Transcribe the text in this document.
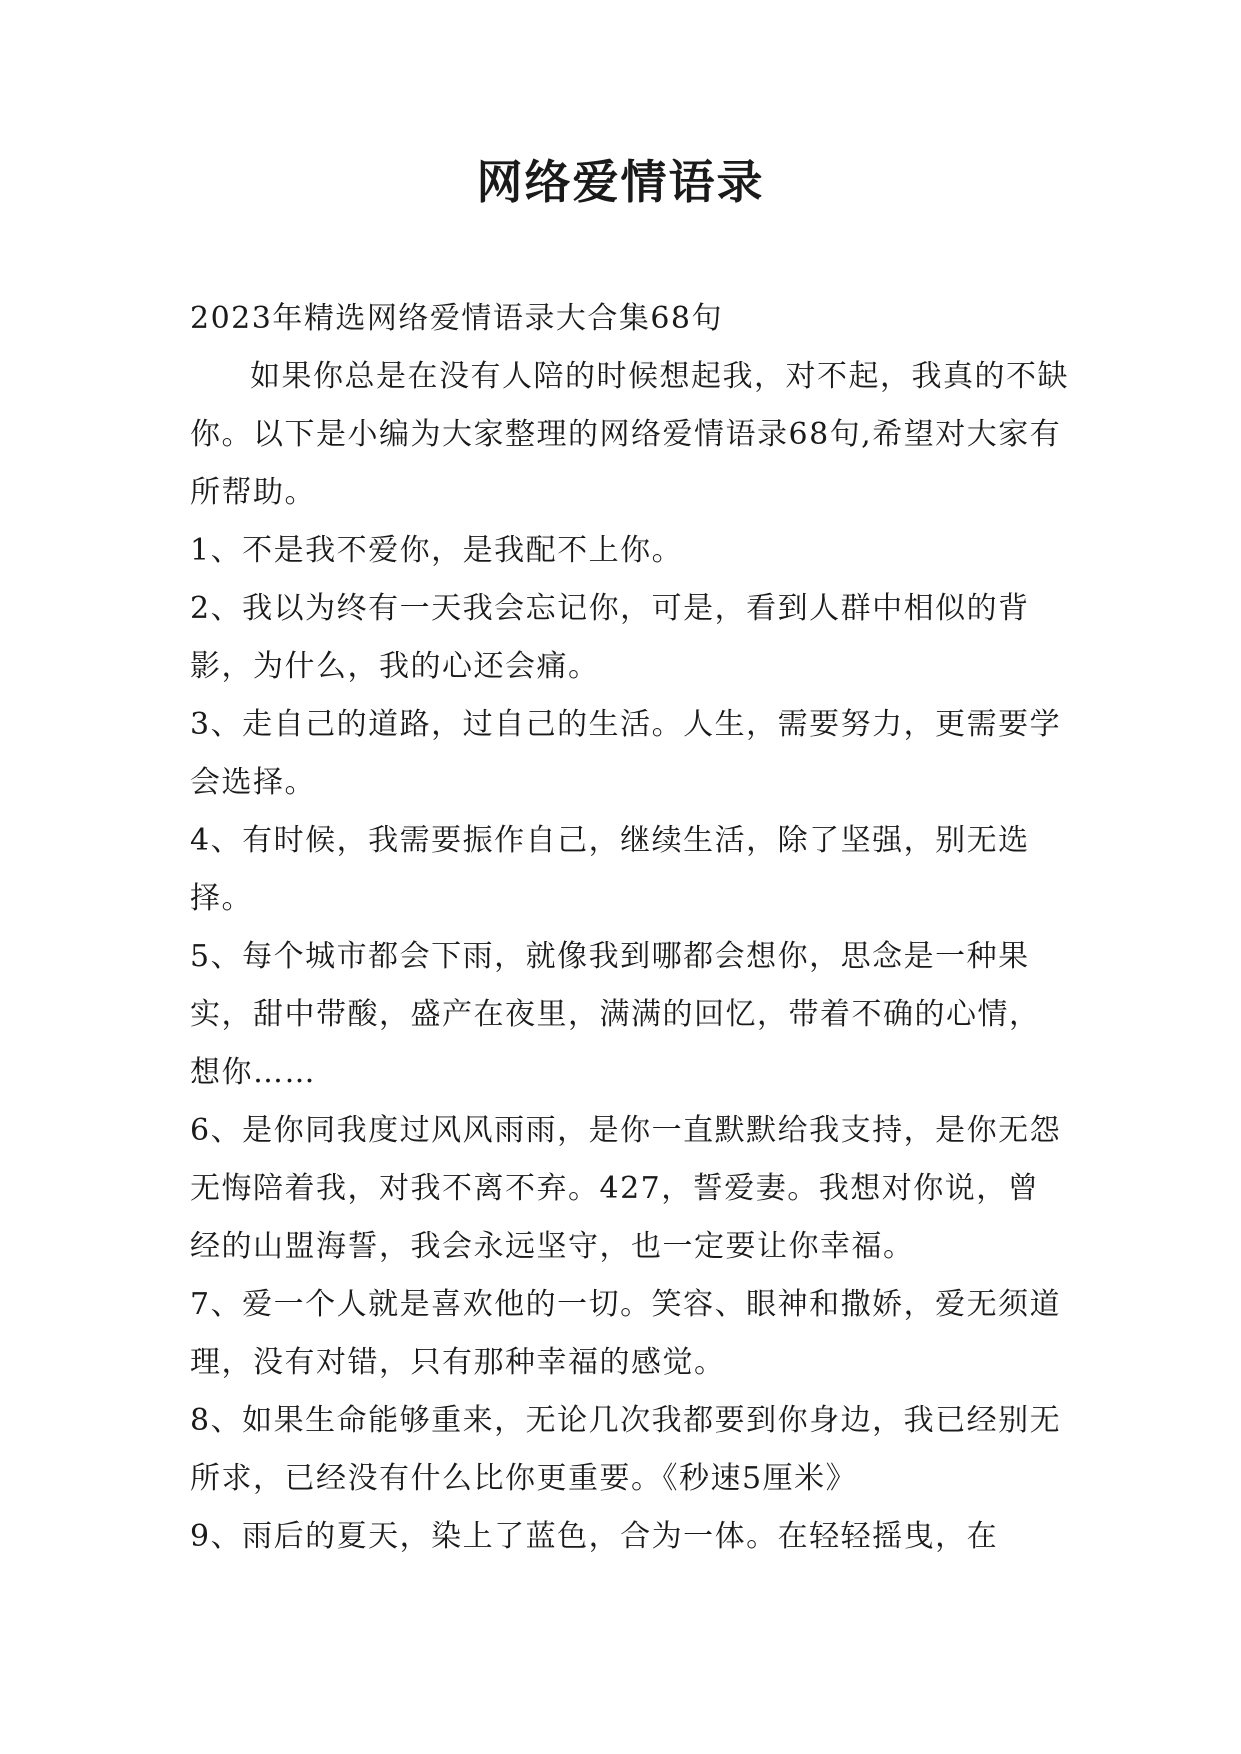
网络爱情语录

2023年精选网络爱情语录大合集68句

如果你总是在没有人陪的时候想起我，对不起，我真的不缺你。以下是小编为大家整理的网络爱情语录68句,希望对大家有所帮助。

1、不是我不爱你，是我配不上你。

2、我以为终有一天我会忘记你，可是，看到人群中相似的背影，为什么，我的心还会痛。

3、走自己的道路，过自己的生活。人生，需要努力，更需要学会选择。

4、有时候，我需要振作自己，继续生活，除了坚强，别无选择。

5、每个城市都会下雨，就像我到哪都会想你，思念是一种果实，甜中带酸，盛产在夜里，满满的回忆，带着不确的心情，想你……

6、是你同我度过风风雨雨，是你一直默默给我支持，是你无怨无悔陪着我，对我不离不弃。427，誓爱妻。我想对你说，曾经的山盟海誓，我会永远坚守，也一定要让你幸福。

7、爱一个人就是喜欢他的一切。笑容、眼神和撒娇，爱无须道理，没有对错，只有那种幸福的感觉。

8、如果生命能够重来，无论几次我都要到你身边，我已经别无所求，已经没有什么比你更重要。《秒速5厘米》

9、雨后的夏天，染上了蓝色，合为一体。在轻轻摇曳，在
